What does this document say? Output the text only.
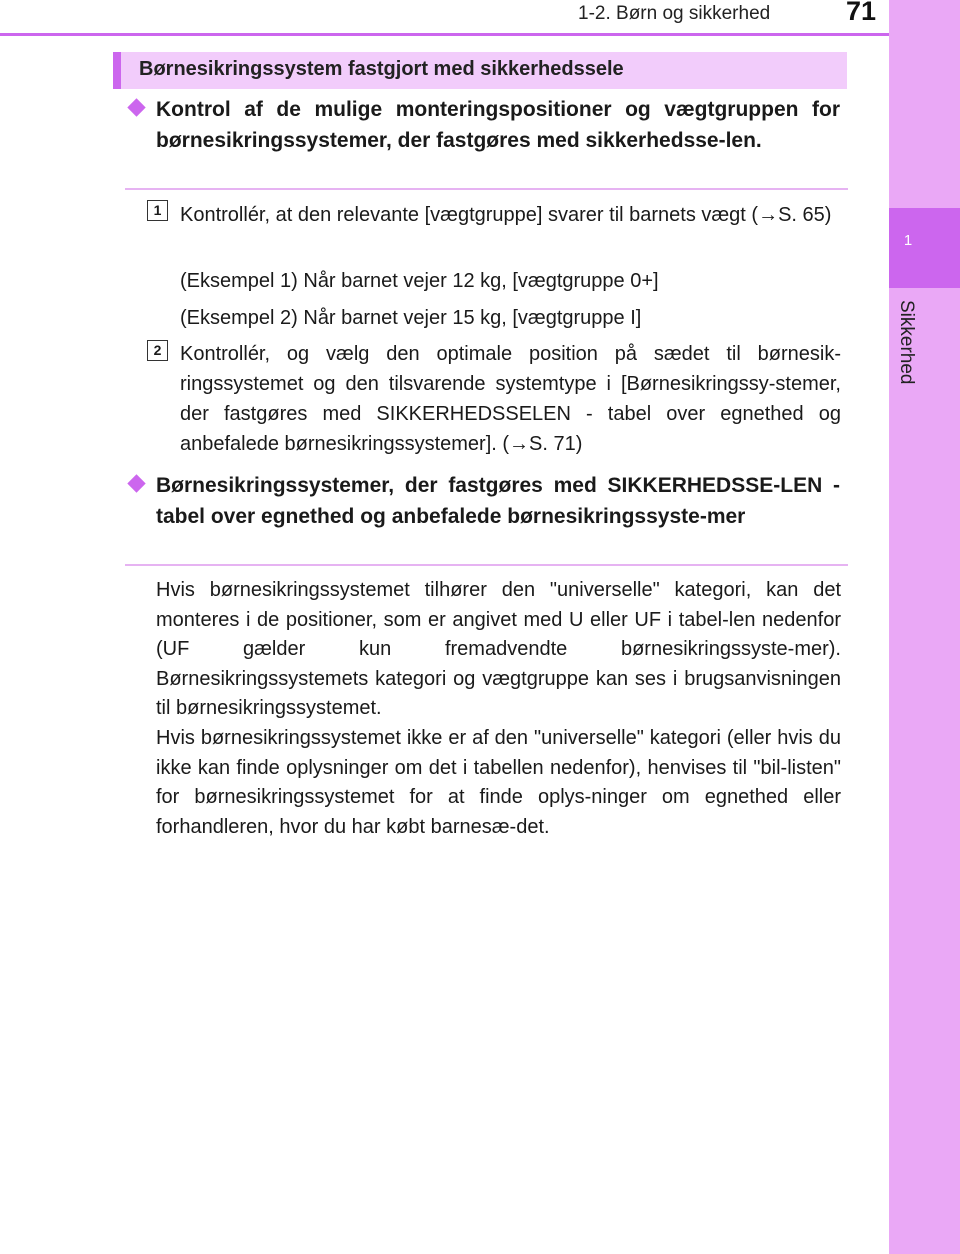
1-2. Børn og sikkerhed	71
1
Sikkerhed
Børnesikringssystem fastgjort med sikkerhedssele
Kontrol af de mulige monteringspositioner og vægtgruppen for børnesikringssystemer, der fastgøres med sikkerhedsse-len.
1 Kontrollér, at den relevante [vægtgruppe] svarer til barnets vægt (→S. 65)
(Eksempel 1) Når barnet vejer 12 kg, [vægtgruppe 0+]
(Eksempel 2) Når barnet vejer 15 kg, [vægtgruppe I]
2 Kontrollér, og vælg den optimale position på sædet til børnesik-ringssystemet og den tilsvarende systemtype i [Børnesikringssy-stemer, der fastgøres med SIKKERHEDSSELEN - tabel over egnethed og anbefalede børnesikringssystemer]. (→S. 71)
Børnesikringssystemer, der fastgøres med SIKKERHEDSSE-LEN - tabel over egnethed og anbefalede børnesikringssyste-mer
Hvis børnesikringssystemet tilhører den "universelle" kategori, kan det monteres i de positioner, som er angivet med U eller UF i tabel-len nedenfor (UF gælder kun fremadvendte børnesikringssyste-mer). Børnesikringssystemets kategori og vægtgruppe kan ses i brugsanvisningen til børnesikringssystemet.
Hvis børnesikringssystemet ikke er af den "universelle" kategori (eller hvis du ikke kan finde oplysninger om det i tabellen nedenfor), henvises til "bil-listen" for børnesikringssystemet for at finde oplys-ninger om egnethed eller forhandleren, hvor du har købt barnesæ-det.
